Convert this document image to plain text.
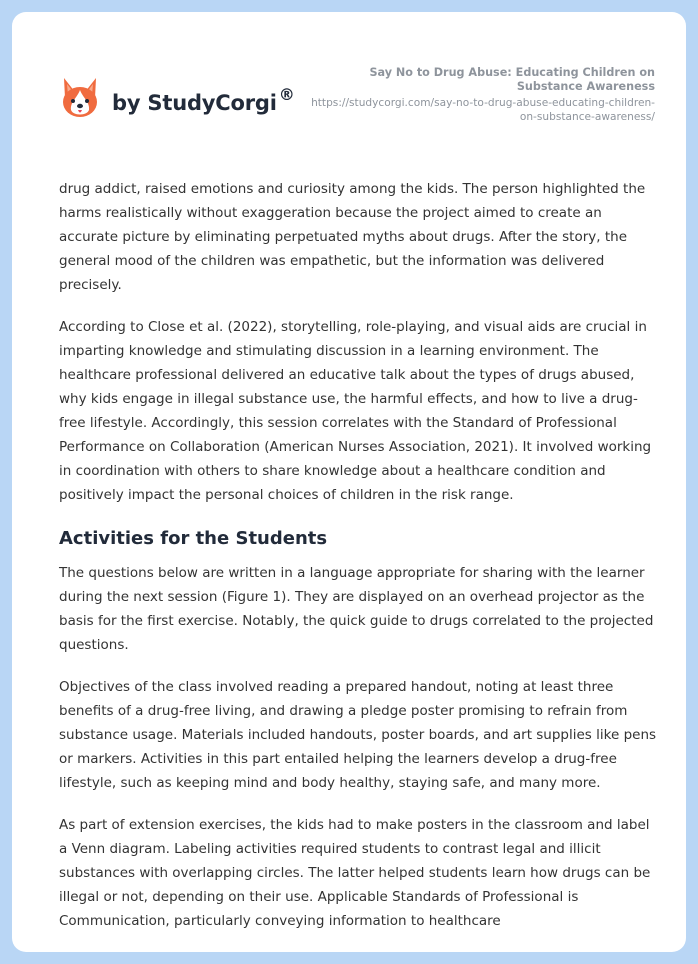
by StudyCorgi ®
Say No to Drug Abuse: Educating Children on Substance Awareness
https://studycorgi.com/say-no-to-drug-abuse-educating-children-on-substance-awareness/

drug addict, raised emotions and curiosity among the kids. The person highlighted the harms realistically without exaggeration because the project aimed to create an accurate picture by eliminating perpetuated myths about drugs. After the story, the general mood of the children was empathetic, but the information was delivered precisely.

According to Close et al. (2022), storytelling, role-playing, and visual aids are crucial in imparting knowledge and stimulating discussion in a learning environment. The healthcare professional delivered an educative talk about the types of drugs abused, why kids engage in illegal substance use, the harmful effects, and how to live a drug-free lifestyle. Accordingly, this session correlates with the Standard of Professional Performance on Collaboration (American Nurses Association, 2021). It involved working in coordination with others to share knowledge about a healthcare condition and positively impact the personal choices of children in the risk range.

Activities for the Students

The questions below are written in a language appropriate for sharing with the learner during the next session (Figure 1). They are displayed on an overhead projector as the basis for the first exercise. Notably, the quick guide to drugs correlated to the projected questions.

Objectives of the class involved reading a prepared handout, noting at least three benefits of a drug-free living, and drawing a pledge poster promising to refrain from substance usage. Materials included handouts, poster boards, and art supplies like pens or markers. Activities in this part entailed helping the learners develop a drug-free lifestyle, such as keeping mind and body healthy, staying safe, and many more.

As part of extension exercises, the kids had to make posters in the classroom and label a Venn diagram. Labeling activities required students to contrast legal and illicit substances with overlapping circles. The latter helped students learn how drugs can be illegal or not, depending on their use. Applicable Standards of Professional is Communication, particularly conveying information to healthcare
